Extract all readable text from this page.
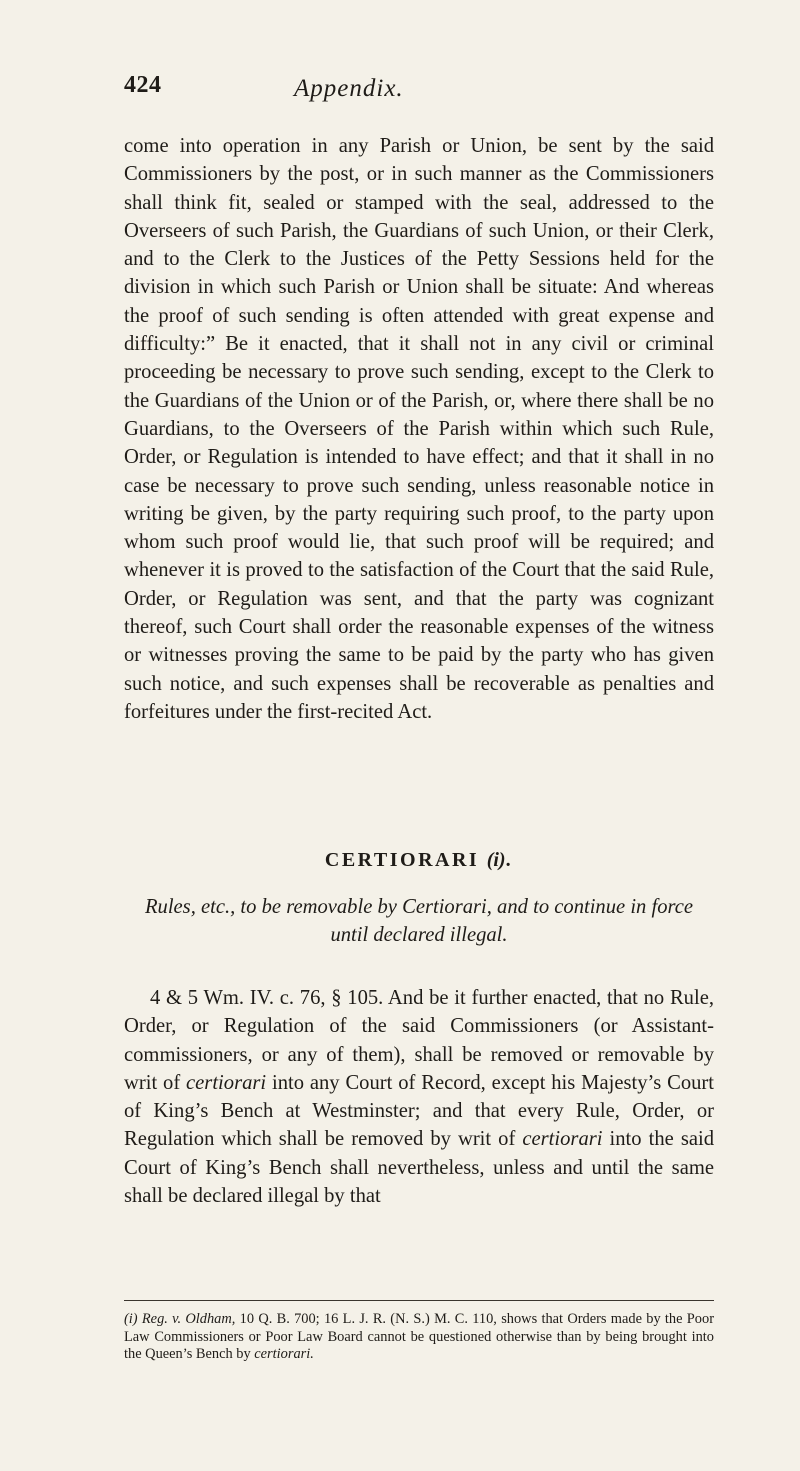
424	Appendix.

come into operation in any Parish or Union, be sent by the said Commissioners by the post, or in such manner as the Commissioners shall think fit, sealed or stamped with the seal, addressed to the Overseers of such Parish, the Guardians of such Union, or their Clerk, and to the Clerk to the Justices of the Petty Sessions held for the division in which such Parish or Union shall be situate: And whereas the proof of such sending is often attended with great expense and difficulty:” Be it enacted, that it shall not in any civil or criminal proceeding be necessary to prove such sending, except to the Clerk to the Guardians of the Union or of the Parish, or, where there shall be no Guardians, to the Overseers of the Parish within which such Rule, Order, or Regulation is intended to have effect; and that it shall in no case be necessary to prove such sending, unless reasonable notice in writing be given, by the party requiring such proof, to the party upon whom such proof would lie, that such proof will be required; and whenever it is proved to the satisfaction of the Court that the said Rule, Order, or Regulation was sent, and that the party was cognizant thereof, such Court shall order the reasonable expenses of the witness or witnesses proving the same to be paid by the party who has given such notice, and such expenses shall be recoverable as penalties and forfeitures under the first-recited Act.

CERTIORARI (i).

Rules, etc., to be removable by Certiorari, and to continue in force until declared illegal.

4 & 5 Wm. IV. c. 76, § 105. And be it further enacted, that no Rule, Order, or Regulation of the said Commissioners (or Assistant-commissioners, or any of them), shall be removed or removable by writ of certiorari into any Court of Record, except his Majesty’s Court of King’s Bench at Westminster; and that every Rule, Order, or Regulation which shall be removed by writ of certiorari into the said Court of King’s Bench shall nevertheless, unless and until the same shall be declared illegal by that

(i) Reg. v. Oldham, 10 Q. B. 700; 16 L. J. R. (N. S.) M. C. 110, shows that Orders made by the Poor Law Commissioners or Poor Law Board cannot be questioned otherwise than by being brought into the Queen’s Bench by certiorari.
